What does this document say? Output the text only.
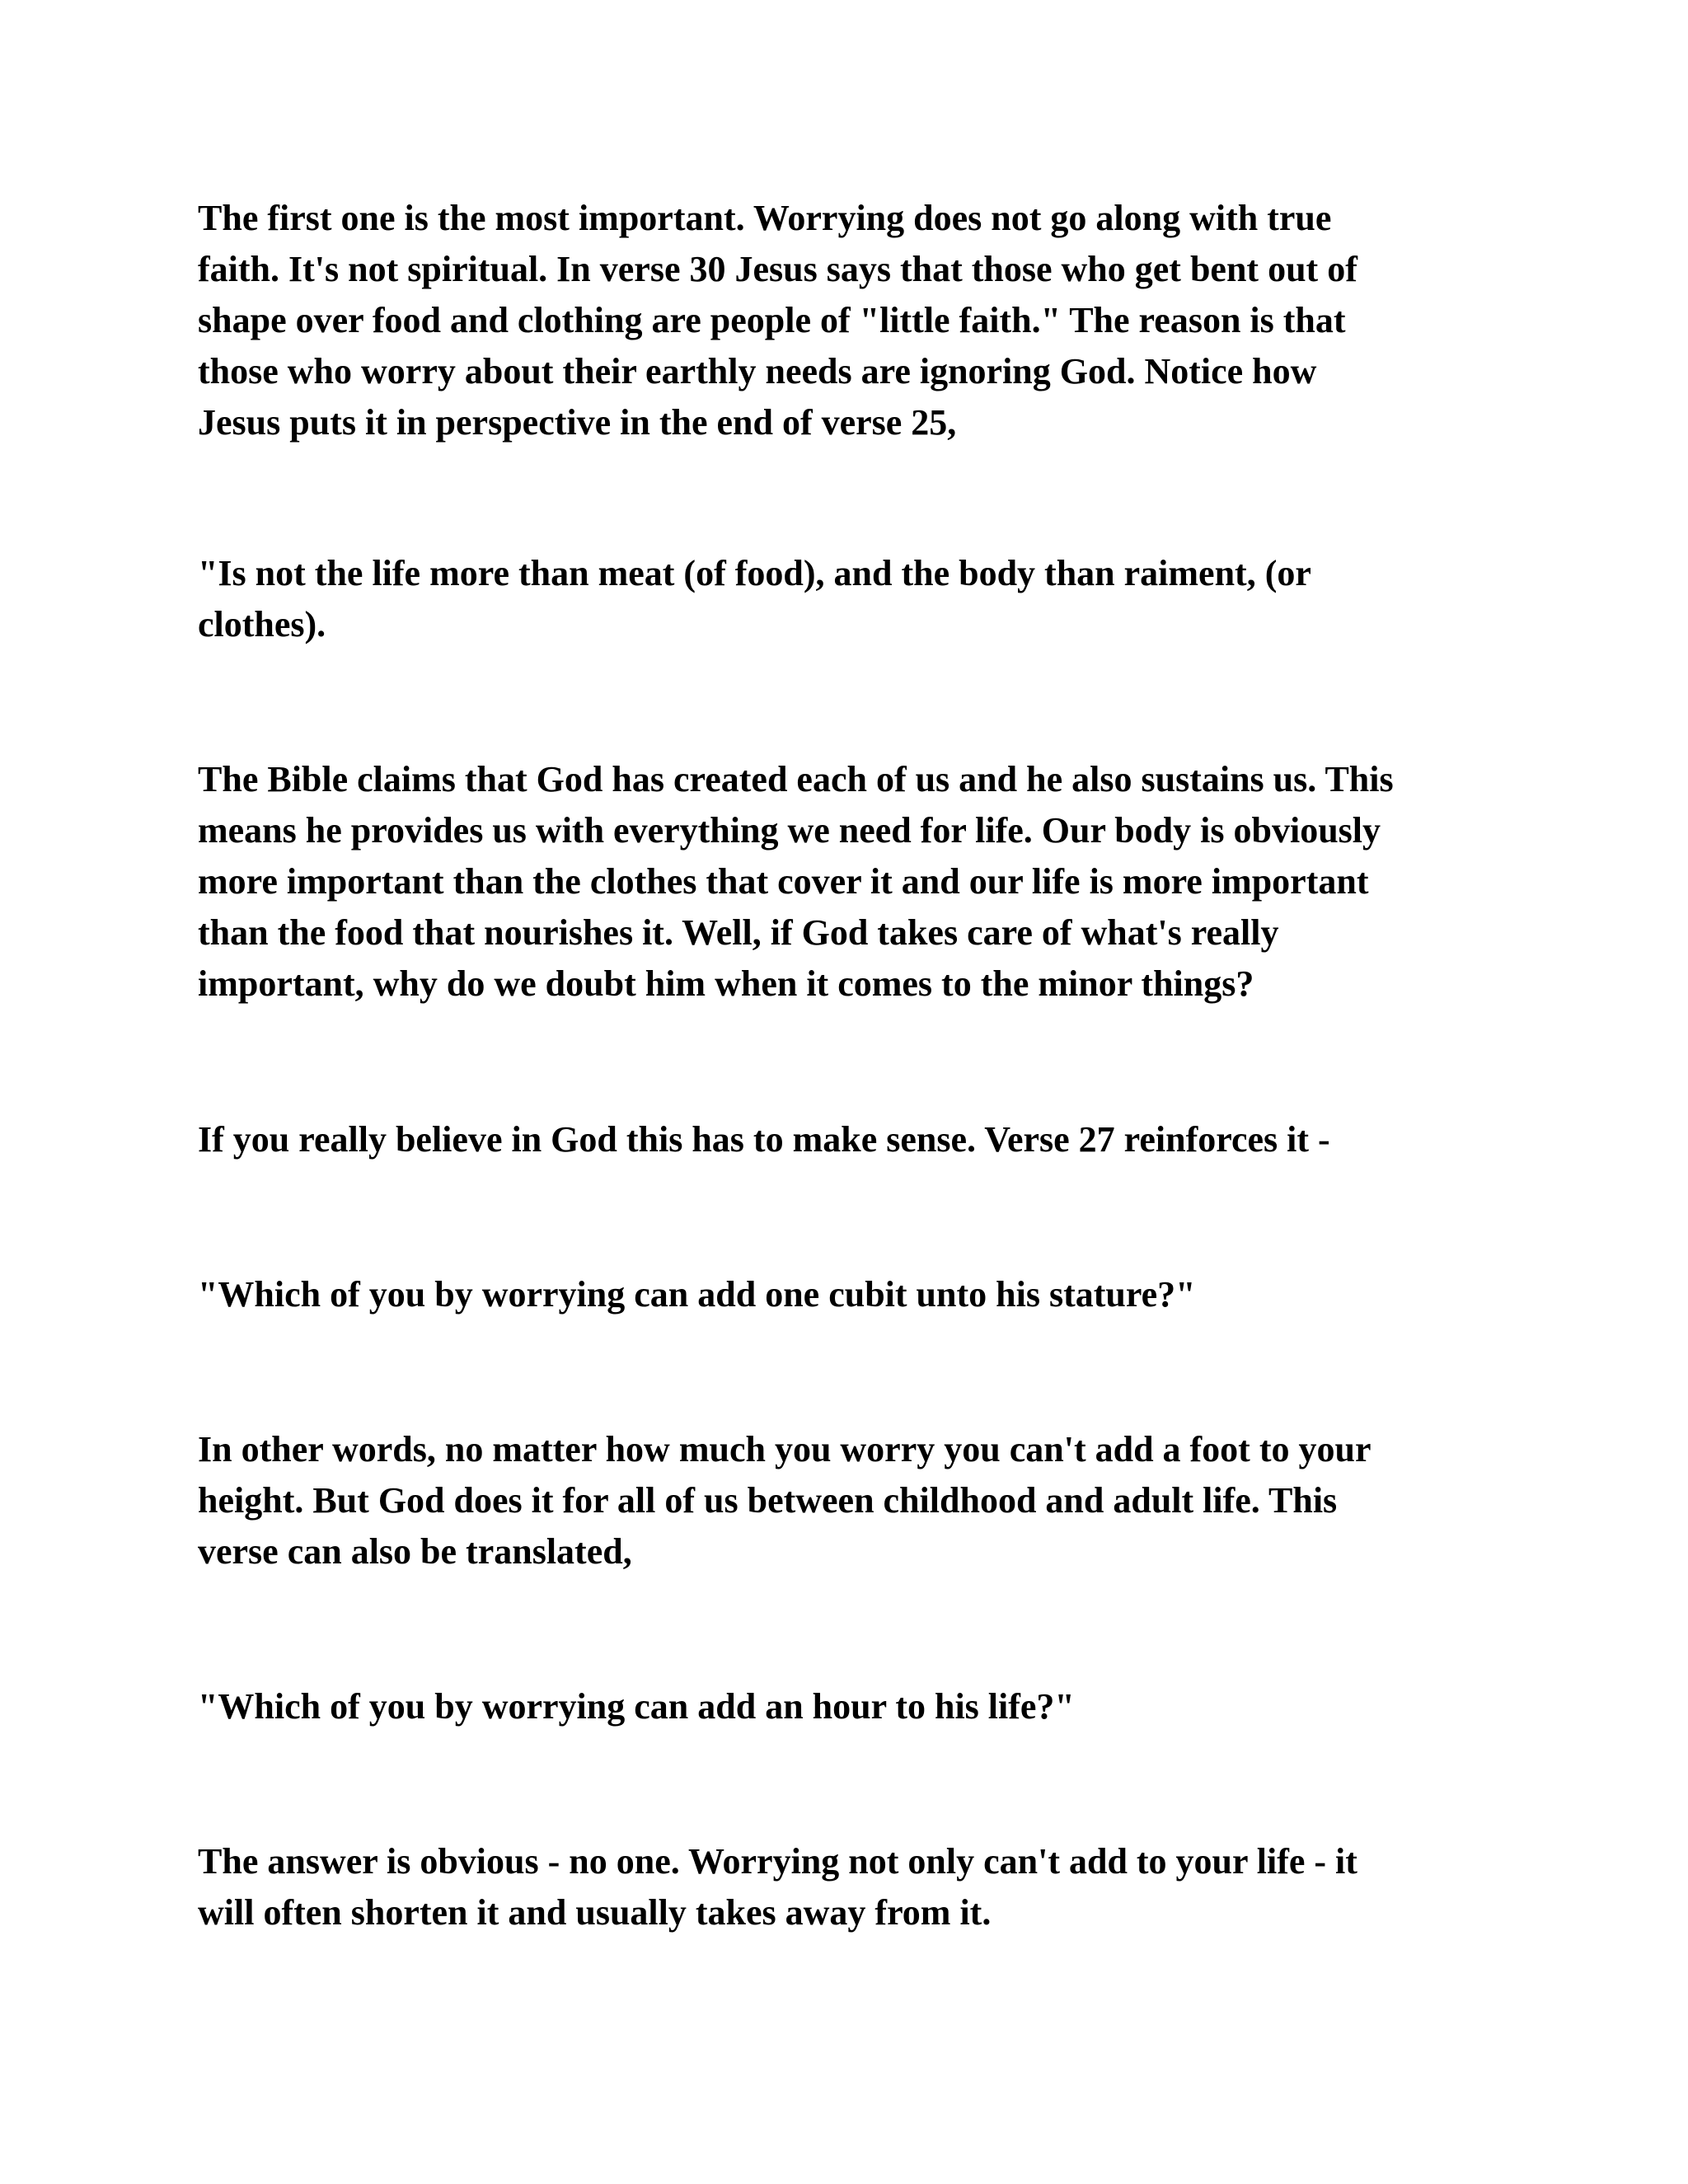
The first one is the most important. Worrying does not go along with true
faith. It's not spiritual. In verse 30 Jesus says that those who get bent out of
shape over food and clothing are people of "little faith." The reason is that
those who worry about their earthly needs are ignoring God. Notice how
Jesus puts it in perspective in the end of verse 25,

"Is not the life more than meat (of food), and the body than raiment, (or
clothes).

The Bible claims that God has created each of us and he also sustains us. This
means he provides us with everything we need for life. Our body is obviously
more important than the clothes that cover it and our life is more important
than the food that nourishes it. Well, if God takes care of what's really
important, why do we doubt him when it comes to the minor things?

If you really believe in God this has to make sense. Verse 27 reinforces it -

"Which of you by worrying can add one cubit unto his stature?"

In other words, no matter how much you worry you can't add a foot to your
height. But God does it for all of us between childhood and adult life. This
verse can also be translated,

"Which of you by worrying can add an hour to his life?"

The answer is obvious - no one. Worrying not only can't add to your life - it
will often shorten it and usually takes away from it.
